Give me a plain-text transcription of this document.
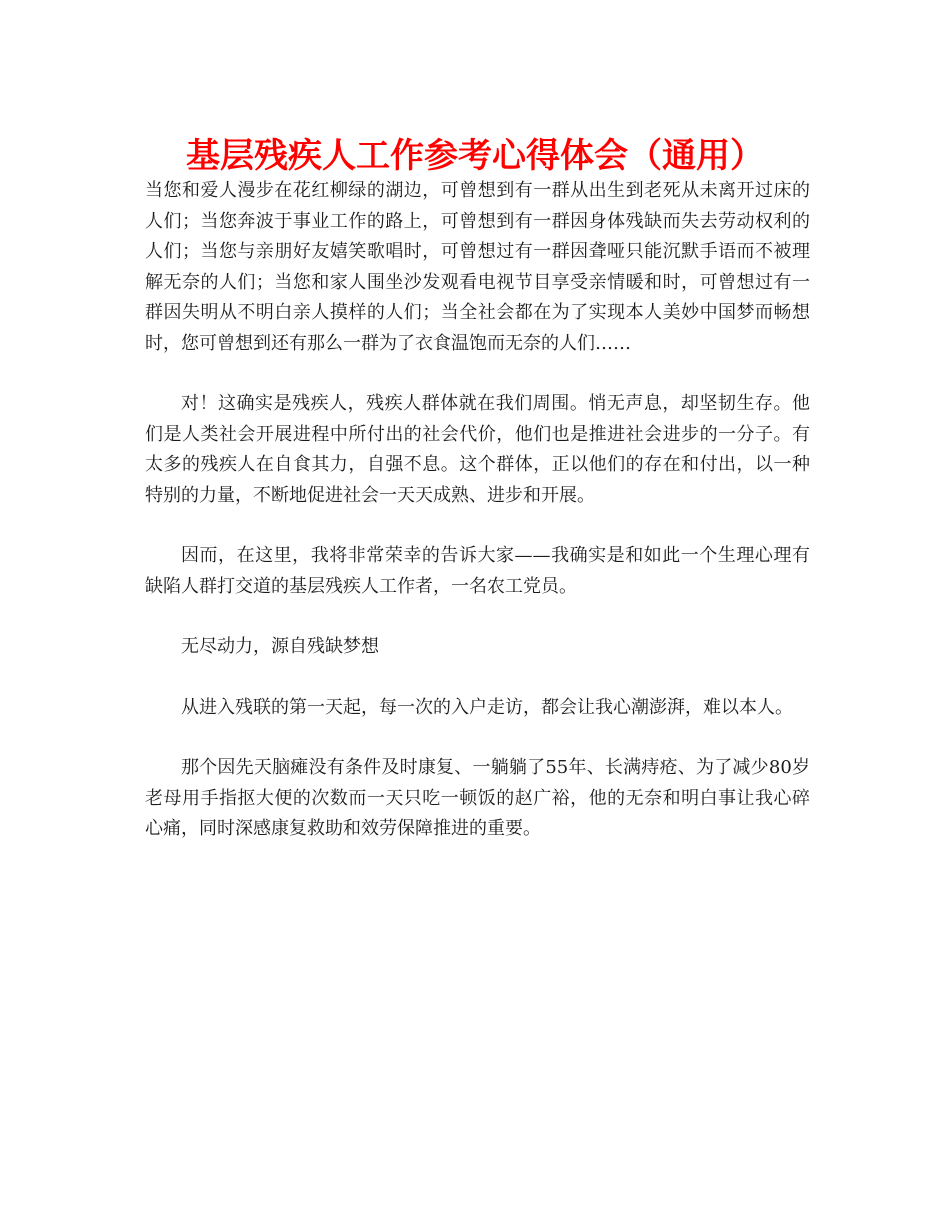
基层残疾人工作参考心得体会（通用）

当您和爱人漫步在花红柳绿的湖边，可曾想到有一群从出生到老死从未离开过床的人们；当您奔波于事业工作的路上，可曾想到有一群因身体残缺而失去劳动权利的人们；当您与亲朋好友嬉笑歌唱时，可曾想过有一群因聋哑只能沉默手语而不被理解无奈的人们；当您和家人围坐沙发观看电视节目享受亲情暖和时，可曾想过有一群因失明从不明白亲人摸样的人们；当全社会都在为了实现本人美妙中国梦而畅想时，您可曾想到还有那么一群为了衣食温饱而无奈的人们……

对！这确实是残疾人，残疾人群体就在我们周围。悄无声息，却坚韧生存。他们是人类社会开展进程中所付出的社会代价，他们也是推进社会进步的一分子。有太多的残疾人在自食其力，自强不息。这个群体，正以他们的存在和付出，以一种特别的力量，不断地促进社会一天天成熟、进步和开展。

因而，在这里，我将非常荣幸的告诉大家——我确实是和如此一个生理心理有缺陷人群打交道的基层残疾人工作者，一名农工党员。

无尽动力，源自残缺梦想

从进入残联的第一天起，每一次的入户走访，都会让我心潮澎湃，难以本人。

那个因先天脑瘫没有条件及时康复、一躺躺了55年、长满痔疮、为了减少80岁老母用手指抠大便的次数而一天只吃一顿饭的赵广裕，他的无奈和明白事让我心碎心痛，同时深感康复救助和效劳保障推进的重要。
